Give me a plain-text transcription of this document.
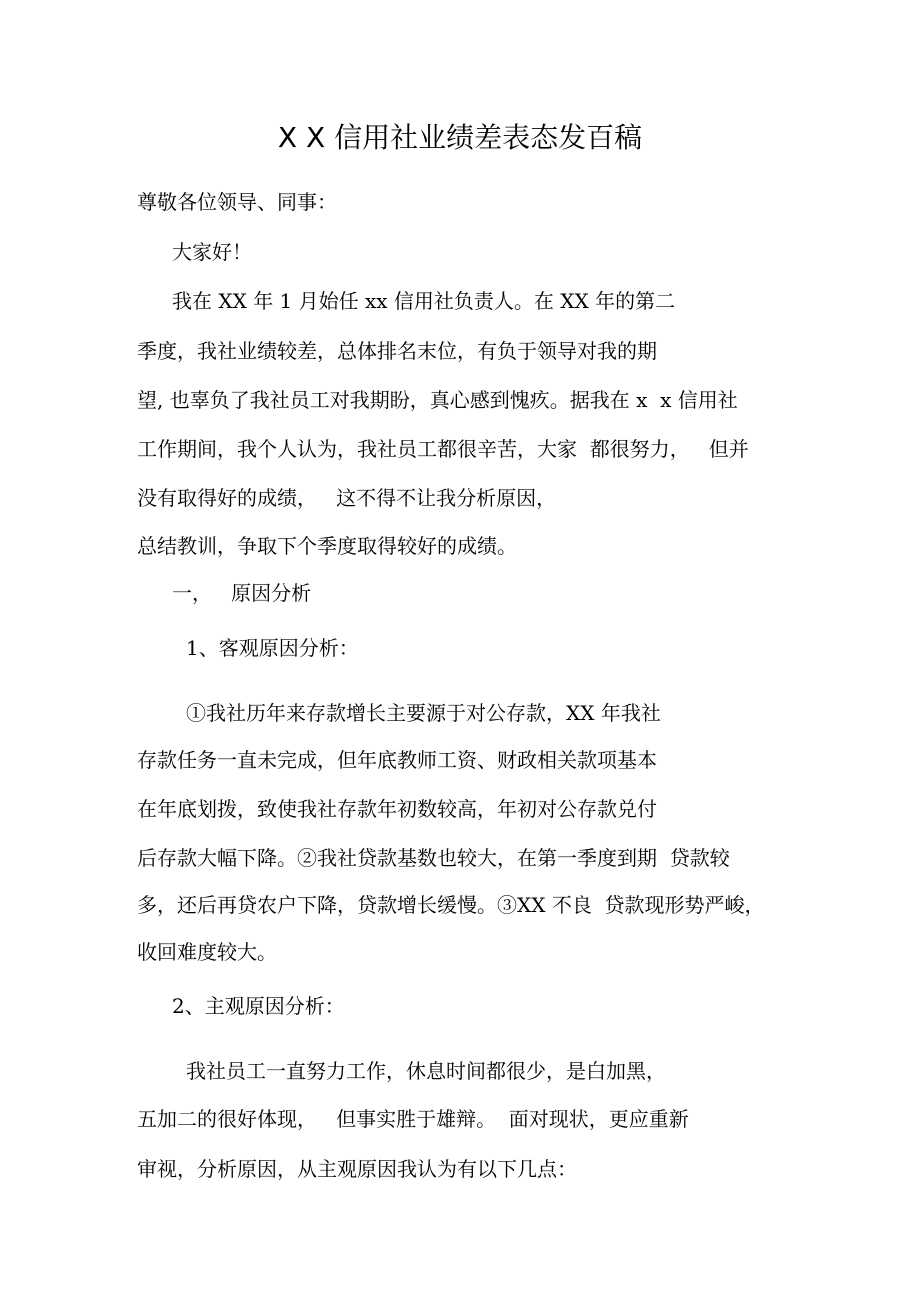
X X 信用社业绩差表态发百稿
尊敬各位领导、同事：
大家好！
我在 XX 年 1 月始任 xx 信用社负责人。在 XX 年的第二
季度，我社业绩较差，总体排名末位，有负于领导对我的期
望, 也辜负了我社员工对我期盼，真心感到愧疚。据我在 x  x 信用社
工作期间，我个人认为，我社员工都很辛苦，大家  都很努力，   但并
没有取得好的成绩，   这不得不让我分析原因，
总结教训，争取下个季度取得较好的成绩。
一，   原因分析
1、客观原因分析：
①我社历年来存款增长主要源于对公存款，XX 年我社
存款任务一直未完成，但年底教师工资、财政相关款项基本
在年底划拨，致使我社存款年初数较高，年初对公存款兑付
后存款大幅下降。②我社贷款基数也较大，在第一季度到期  贷款较
多，还后再贷农户下降，贷款增长缓慢。③XX 不良  贷款现形势严峻，
收回难度较大。
2、主观原因分析：
我社员工一直努力工作，休息时间都很少，是白加黑，
五加二的很好体现，   但事实胜于雄辩。  面对现状，更应重新
审视，分析原因，从主观原因我认为有以下几点：
